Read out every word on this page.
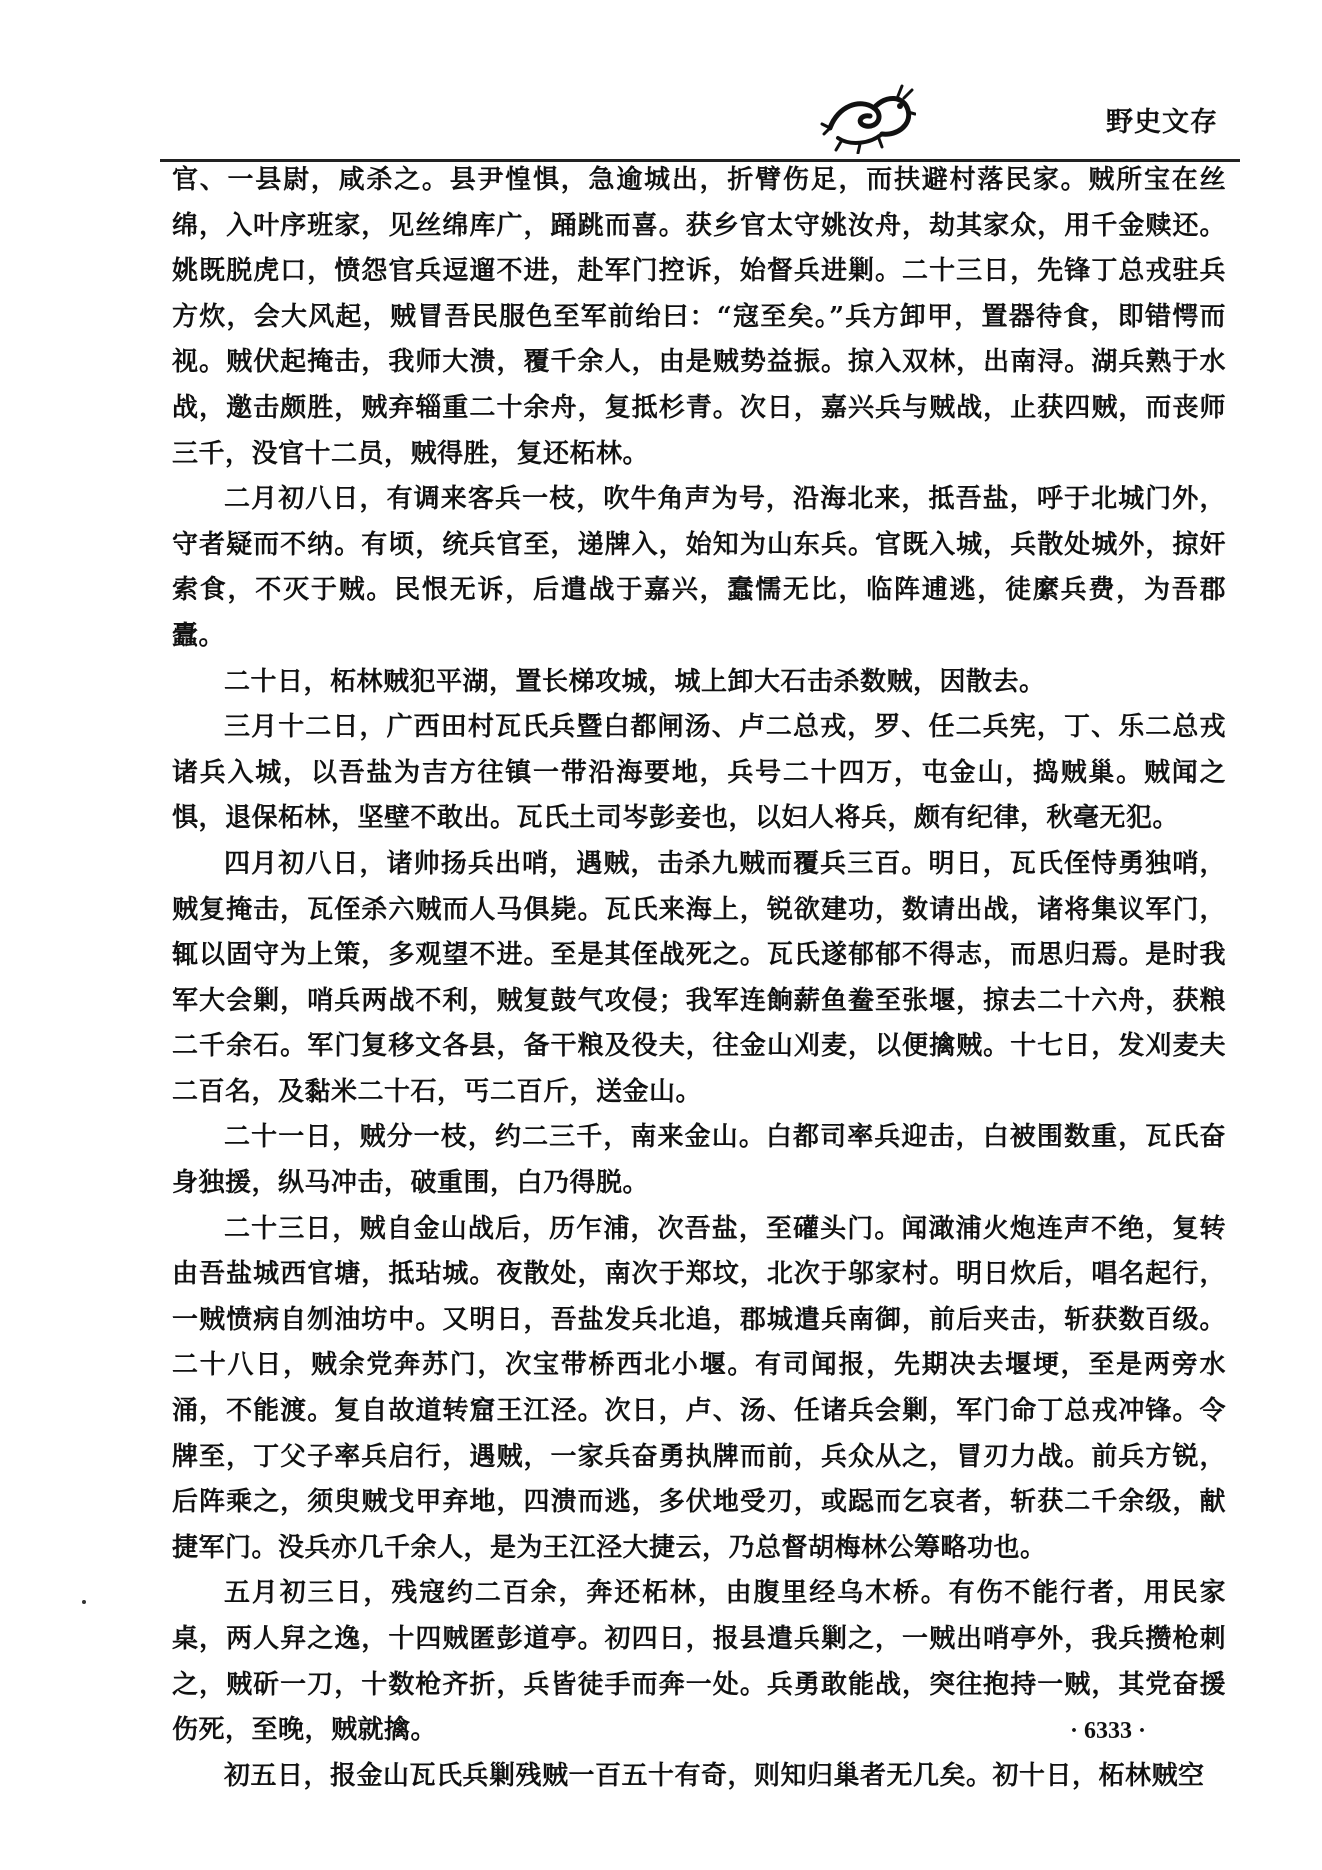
野史文存

官、一县尉，咸杀之。县尹惶惧，急逾城出，折臂伤足，而扶避村落民家。贼所宝在丝绵，入叶序班家，见丝绵库广，踊跳而喜。获乡官太守姚汝舟，劫其家众，用千金赎还。姚既脱虎口，愤怨官兵逗遛不进，赴军门控诉，始督兵进剿。二十三日，先锋丁总戎驻兵方炊，会大风起，贼冒吾民服色至军前绐曰：“寇至矣。”兵方卸甲，置器待食，即错愕而视。贼伏起掩击，我师大溃，覆千余人，由是贼势益振。掠入双林，出南浔。湖兵熟于水战，邀击颇胜，贼弃辎重二十余舟，复抵杉青。次日，嘉兴兵与贼战，止获四贼，而丧师三千，没官十二员，贼得胜，复还柘林。

二月初八日，有调来客兵一枝，吹牛角声为号，沿海北来，抵吾盐，呼于北城门外，守者疑而不纳。有顷，统兵官至，递牌入，始知为山东兵。官既入城，兵散处城外，掠奸索食，不灭于贼。民恨无诉，后遣战于嘉兴，蠢懦无比，临阵逋逃，徒縻兵费，为吾郡蠹。

二十日，柘林贼犯平湖，置长梯攻城，城上卸大石击杀数贼，因散去。

三月十二日，广西田村瓦氏兵暨白都闸汤、卢二总戎，罗、任二兵宪，丁、乐二总戎诸兵入城，以吾盐为吉方往镇一带沿海要地，兵号二十四万，屯金山，捣贼巢。贼闻之惧，退保柘林，坚壁不敢出。瓦氏土司岑彭妾也，以妇人将兵，颇有纪律，秋毫无犯。

四月初八日，诸帅扬兵出哨，遇贼，击杀九贼而覆兵三百。明日，瓦氏侄恃勇独哨，贼复掩击，瓦侄杀六贼而人马俱毙。瓦氏来海上，锐欲建功，数请出战，诸将集议军门，辄以固守为上策，多观望不进。至是其侄战死之。瓦氏遂郁郁不得志，而思归焉。是时我军大会剿，哨兵两战不利，贼复鼓气攻侵；我军连餉薪鱼鲞至张堰，掠去二十六舟，获粮二千余石。军门复移文各县，备干粮及役夫，往金山刈麦，以便擒贼。十七日，发刈麦夫二百名，及黏米二十石，丐二百斤，送金山。

二十一日，贼分一枝，约二三千，南来金山。白都司率兵迎击，白被围数重，瓦氏奋身独援，纵马冲击，破重围，白乃得脱。

二十三日，贼自金山战后，历乍浦，次吾盐，至礶头门。闻澉浦火炮连声不绝，复转由吾盐城西官塘，抵玷城。夜散处，南次于郑坟，北次于邬家村。明日炊后，唱名起行，一贼愤病自刎油坊中。又明日，吾盐发兵北追，郡城遣兵南御，前后夹击，斩获数百级。二十八日，贼余党奔苏门，次宝带桥西北小堰。有司闻报，先期决去堰埂，至是两旁水涌，不能渡。复自故道转窟王江泾。次日，卢、汤、任诸兵会剿，军门命丁总戎冲锋。令牌至，丁父子率兵启行，遇贼，一家兵奋勇执牌而前，兵众从之，冒刃力战。前兵方锐，后阵乘之，须臾贼戈甲弃地，四溃而逃，多伏地受刃，或跽而乞哀者，斩获二千余级，献捷军门。没兵亦几千余人，是为王江泾大捷云，乃总督胡梅林公筹略功也。

五月初三日，残寇约二百余，奔还柘林，由腹里经乌木桥。有伤不能行者，用民家桌，两人舁之逸，十四贼匿彭道亭。初四日，报县遣兵剿之，一贼出哨亭外，我兵攒枪刺之，贼斫一刀，十数枪齐折，兵皆徒手而奔一处。兵勇敢能战，突往抱持一贼，其党奋援伤死，至晚，贼就擒。

初五日，报金山瓦氏兵剿残贼一百五十有奇，则知归巢者无几矣。初十日，柘林贼空

· 6333 ·
